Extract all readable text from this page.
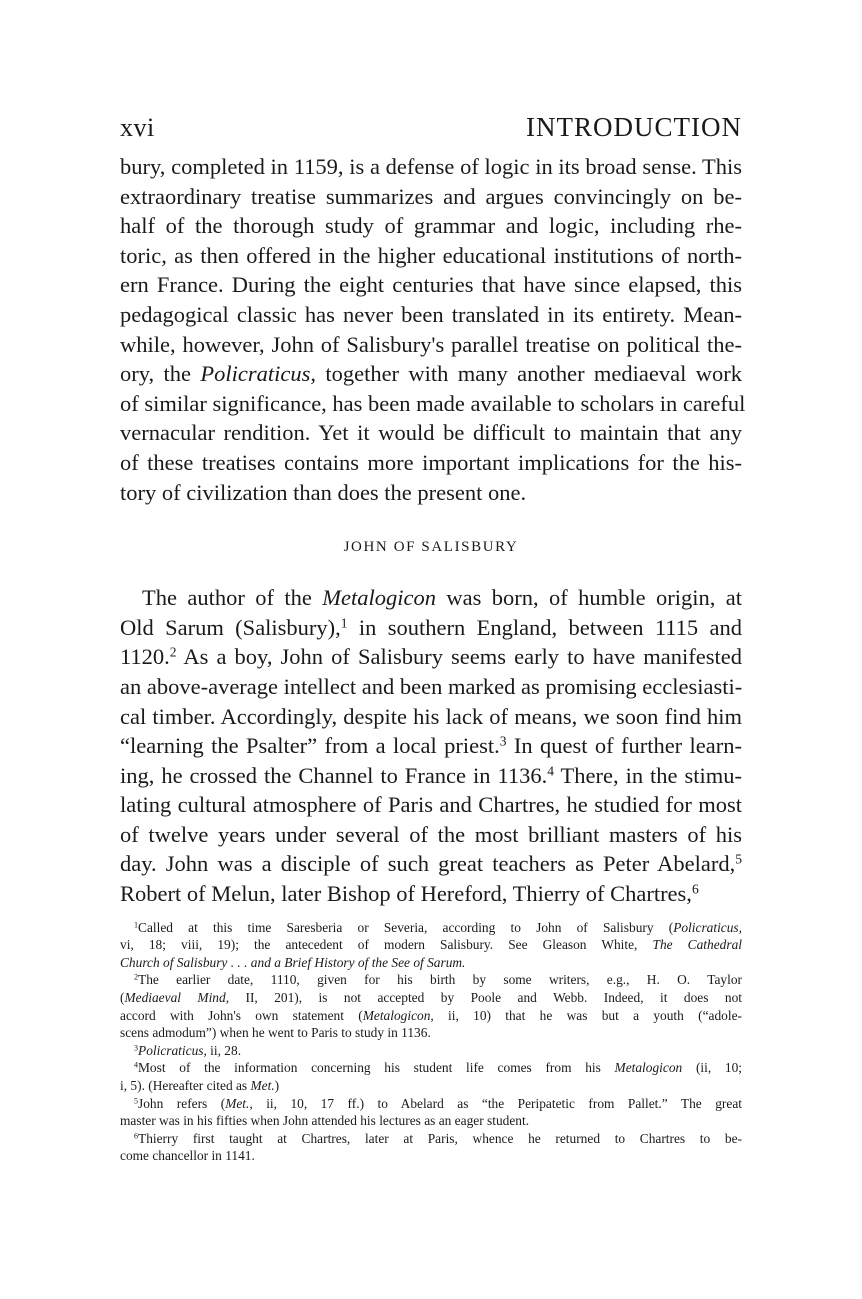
xvi	INTRODUCTION
bury, completed in 1159, is a defense of logic in its broad sense. This
extraordinary treatise summarizes and argues convincingly on be-
half of the thorough study of grammar and logic, including rhe-
toric, as then offered in the higher educational institutions of north-
ern France. During the eight centuries that have since elapsed, this
pedagogical classic has never been translated in its entirety. Mean-
while, however, John of Salisbury's parallel treatise on political the-
ory, the Policraticus, together with many another mediaeval work
of similar significance, has been made available to scholars in careful
vernacular rendition. Yet it would be difficult to maintain that any
of these treatises contains more important implications for the his-
tory of civilization than does the present one.
JOHN OF SALISBURY
The author of the Metalogicon was born, of humble origin, at
Old Sarum (Salisbury),$^1$ in southern England, between 1115 and
1120.$^2$ As a boy, John of Salisbury seems early to have manifested
an above-average intellect and been marked as promising ecclesiasti-
cal timber. Accordingly, despite his lack of means, we soon find him
“learning the Psalter” from a local priest.$^3$ In quest of further learn-
ing, he crossed the Channel to France in 1136.$^4$ There, in the stimu-
lating cultural atmosphere of Paris and Chartres, he studied for most
of twelve years under several of the most brilliant masters of his
day. John was a disciple of such great teachers as Peter Abelard,$^5$
Robert of Melun, later Bishop of Hereford, Thierry of Chartres,$^6$
$^1$Called at this time Saresberia or Severia, according to John of Salisbury (Policraticus,
vi, 18; viii, 19); the antecedent of modern Salisbury. See Gleason White, The Cathedral
Church of Salisbury . . . and a Brief History of the See of Sarum.
$^2$The earlier date, 1110, given for his birth by some writers, e.g., H. O. Taylor
(Mediaeval Mind, II, 201), is not accepted by Poole and Webb. Indeed, it does not
accord with John's own statement (Metalogicon, ii, 10) that he was but a youth (“adole-
scens admodum”) when he went to Paris to study in 1136.
$^3$Policraticus, ii, 28.
$^4$Most of the information concerning his student life comes from his Metalogicon (ii, 10;
i, 5). (Hereafter cited as Met.)
$^5$John refers (Met., ii, 10, 17 ff.) to Abelard as “the Peripatetic from Pallet.” The great
master was in his fifties when John attended his lectures as an eager student.
$^6$Thierry first taught at Chartres, later at Paris, whence he returned to Chartres to be-
come chancellor in 1141.
